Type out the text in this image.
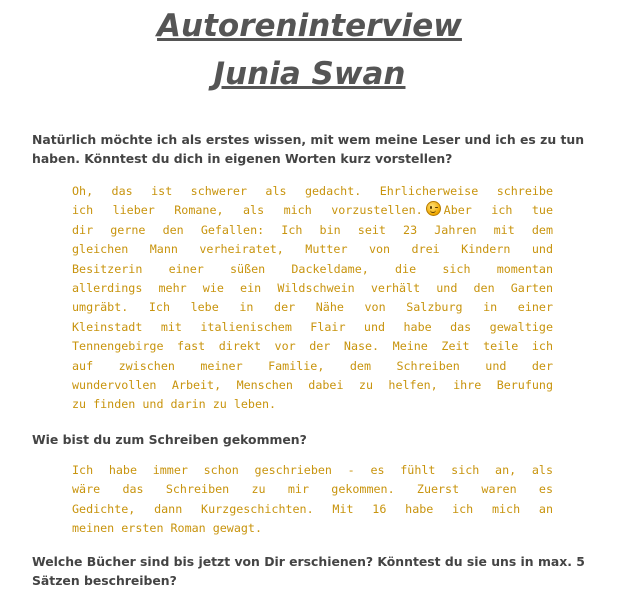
Autoreninterview
Junia Swan
Natürlich möchte ich als erstes wissen, mit wem meine Leser und ich es zu tun haben. Könntest du dich in eigenen Worten kurz vorstellen?
Oh, das ist schwerer als gedacht. Ehrlicherweise schreibe
ich lieber Romane, als mich vorzustellen. Aber ich tue
dir gerne den Gefallen: Ich bin seit 23 Jahren mit dem
gleichen Mann verheiratet, Mutter von drei Kindern und
Besitzerin einer süßen Dackeldame, die sich momentan
allerdings mehr wie ein Wildschwein verhält und den Garten
umgräbt. Ich lebe in der Nähe von Salzburg in einer
Kleinstadt mit italienischem Flair und habe das gewaltige
Tennengebirge fast direkt vor der Nase. Meine Zeit teile ich
auf zwischen meiner Familie, dem Schreiben und der
wundervollen Arbeit, Menschen dabei zu helfen, ihre Berufung
zu finden und darin zu leben.
Wie bist du zum Schreiben gekommen?
Ich habe immer schon geschrieben - es fühlt sich an, als
wäre das Schreiben zu mir gekommen. Zuerst waren es
Gedichte, dann Kurzgeschichten. Mit 16 habe ich mich an
meinen ersten Roman gewagt.
Welche Bücher sind bis jetzt von Dir erschienen? Könntest du sie uns in max. 5 Sätzen beschreiben?
